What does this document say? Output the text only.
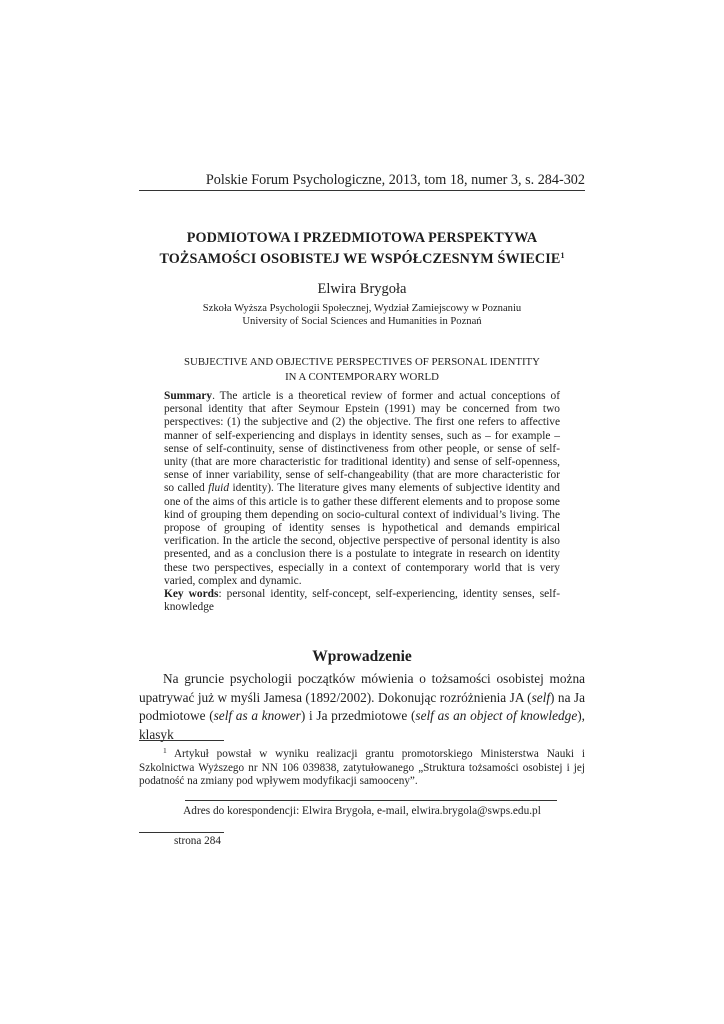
Polskie Forum Psychologiczne, 2013, tom 18, numer 3, s. 284-302
PODMIOTOWA I PRZEDMIOTOWA PERSPEKTYWA
TOŻSAMOŚCI OSOBISTEJ WE WSPÓŁCZESNYM ŚWIECIE$^1$
Elwira Brygoła
Szkoła Wyższa Psychologii Społecznej, Wydział Zamiejscowy w Poznaniu
University of Social Sciences and Humanities in Poznań
SUBJECTIVE AND OBJECTIVE PERSPECTIVES OF PERSONAL IDENTITY
IN A CONTEMPORARY WORLD

Summary. The article is a theoretical review of former and actual conceptions of personal identity that after Seymour Epstein (1991) may be concerned from two perspectives: (1) the subjective and (2) the objective. The first one refers to affective manner of self-experiencing and displays in identity senses, such as – for example – sense of self-continuity, sense of distinctiveness from other people, or sense of self-unity (that are more characteristic for traditional identity) and sense of self-openness, sense of inner variability, sense of self-changeability (that are more characteristic for so called fluid identity). The literature gives many elements of subjective identity and one of the aims of this article is to gather these different elements and to propose some kind of grouping them depending on socio-cultural context of individual’s living. The propose of grouping of identity senses is hypothetical and demands empirical verification. In the article the second, objective perspective of personal identity is also presented, and as a conclusion there is a postulate to integrate in research on identity these two perspectives, especially in a context of contemporary world that is very varied, complex and dynamic.

Key words: personal identity, self-concept, self-experiencing, identity senses, self-knowledge

Wprowadzenie

Na gruncie psychologii początków mówienia o tożsamości osobistej można upatrywać już w myśli Jamesa (1892/2002). Dokonując rozróżnienia JA (self) na Ja podmiotowe (self as a knower) i Ja przedmiotowe (self as an object of knowledge), klasyk

$^1$ Artykuł powstał w wyniku realizacji grantu promotorskiego Ministerstwa Nauki i Szkolnictwa Wyższego nr NN 106 039838, zatytułowanego „Struktura tożsamości osobistej i jej podatność na zmiany pod wpływem modyfikacji samooceny”.

Adres do korespondencji: Elwira Brygoła, e-mail, elwira.brygola@swps.edu.pl
strona 284
